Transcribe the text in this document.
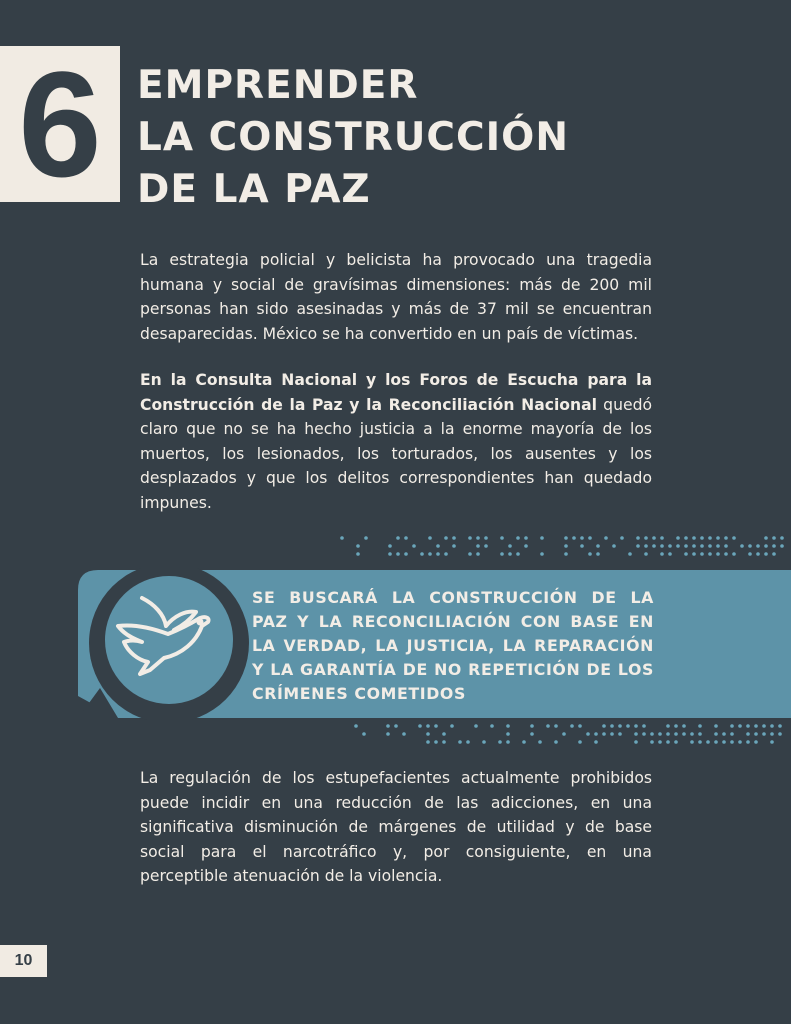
6 EMPRENDER
LA CONSTRUCCIÓN
DE LA PAZ

La estrategia policial y belicista ha provocado una tragedia humana y social de gravísimas dimensiones: más de 200 mil personas han sido asesinadas y más de 37 mil se encuentran desaparecidas. México se ha convertido en un país de víctimas.

En la Consulta Nacional y los Foros de Escucha para la Construcción de la Paz y la Reconciliación Nacional quedó claro que no se ha hecho justicia a la enorme mayoría de los muertos, los lesionados, los torturados, los ausentes y los desplazados y que los delitos correspondientes han quedado impunes.

SE BUSCARÁ LA CONSTRUCCIÓN DE LA PAZ Y LA RECONCILIACIÓN CON BASE EN LA VERDAD, LA JUSTICIA, LA REPARACIÓN Y LA GARANTÍA DE NO REPETICIÓN DE LOS CRÍMENES COMETIDOS

La regulación de los estupefacientes actualmente prohibidos puede incidir en una reducción de las adicciones, en una significativa disminución de márgenes de utilidad y de base social para el narcotráfico y, por consiguiente, en una perceptible atenuación de la violencia.

10
